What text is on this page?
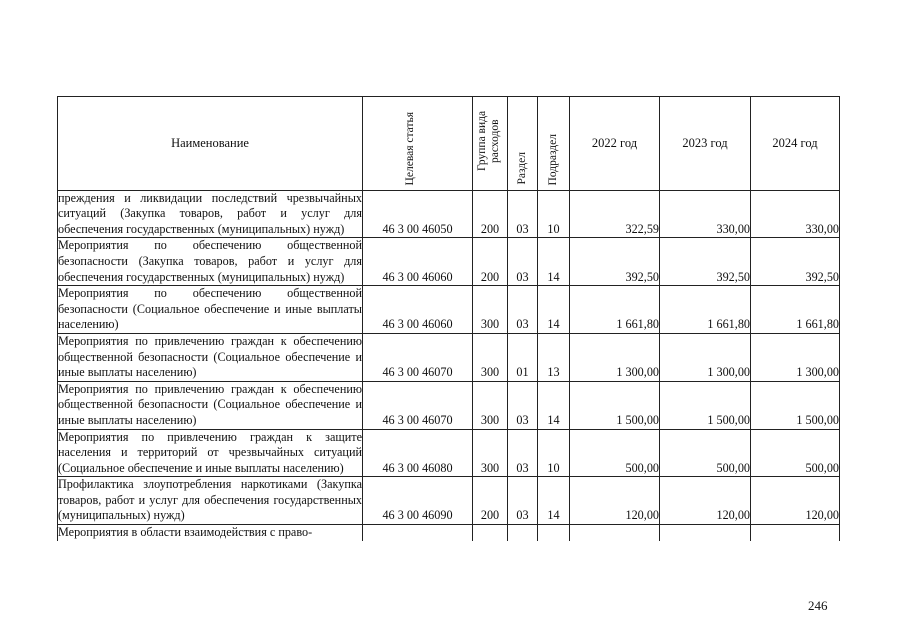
Наименование	Целевая статья	Группа вида расходов	Раздел	Подраздел	2022 год	2023 год	2024 год
преждения и ликвидации последствий чрезвычайных ситуаций (Закупка товаров, работ и услуг для обеспечения государственных (муниципальных) нужд)	46 3 00 46050	200	03	10	322,59	330,00	330,00
Мероприятия по обеспечению общественной безопасности (Закупка товаров, работ и услуг для обеспечения государственных (муниципальных) нужд)	46 3 00 46060	200	03	14	392,50	392,50	392,50
Мероприятия по обеспечению общественной безопасности (Социальное обеспечение и иные выплаты населению)	46 3 00 46060	300	03	14	1 661,80	1 661,80	1 661,80
Мероприятия по привлечению граждан к обеспечению общественной безопасности (Социальное обеспечение и иные выплаты населению)	46 3 00 46070	300	01	13	1 300,00	1 300,00	1 300,00
Мероприятия по привлечению граждан к обеспечению общественной безопасности (Социальное обеспечение и иные выплаты населению)	46 3 00 46070	300	03	14	1 500,00	1 500,00	1 500,00
Мероприятия по привлечению граждан к защите населения и территорий от чрезвычайных ситуаций (Социальное обеспечение и иные выплаты населению)	46 3 00 46080	300	03	10	500,00	500,00	500,00
Профилактика злоупотребления наркотиками (Закупка товаров, работ и услуг для обеспечения государственных (муниципальных) нужд)	46 3 00 46090	200	03	14	120,00	120,00	120,00
Мероприятия в области взаимодействия с право-							
246
